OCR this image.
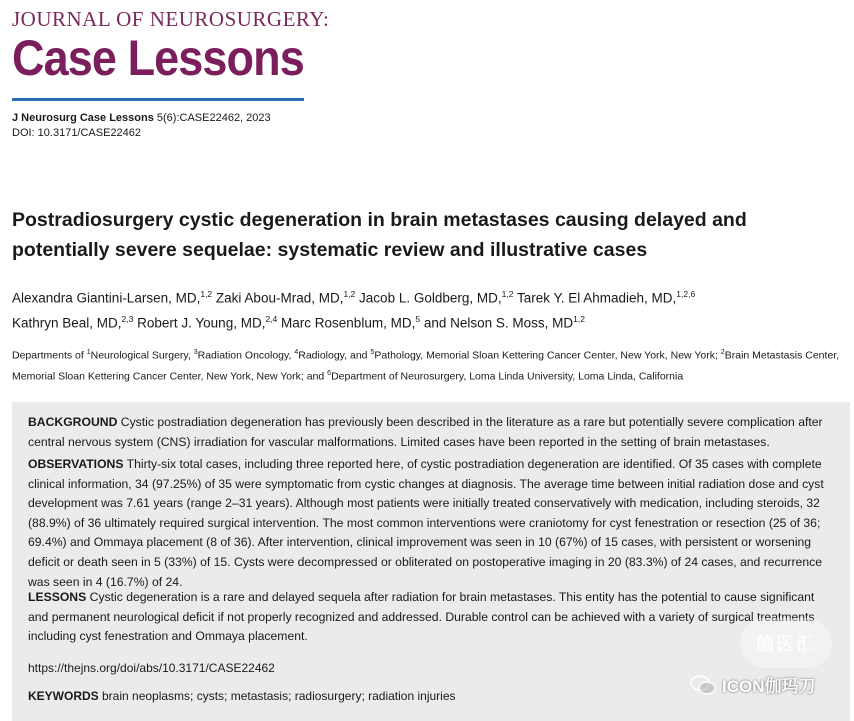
JOURNAL OF NEUROSURGERY:
Case Lessons
J Neurosurg Case Lessons 5(6):CASE22462, 2023
DOI: 10.3171/CASE22462
Postradiosurgery cystic degeneration in brain metastases causing delayed and potentially severe sequelae: systematic review and illustrative cases
Alexandra Giantini-Larsen, MD,$^{1,2}$ Zaki Abou-Mrad, MD,$^{1,2}$ Jacob L. Goldberg, MD,$^{1,2}$ Tarek Y. El Ahmadieh, MD,$^{1,2,6}$
Kathryn Beal, MD,$^{2,3}$ Robert J. Young, MD,$^{2,4}$ Marc Rosenblum, MD,$^5$ and Nelson S. Moss, MD$^{1,2}$
Departments of $^1$Neurological Surgery, $^3$Radiation Oncology, $^4$Radiology, and $^5$Pathology, Memorial Sloan Kettering Cancer Center, New York, New York; $^2$Brain Metastasis Center, Memorial Sloan Kettering Cancer Center, New York, New York; and $^6$Department of Neurosurgery, Loma Linda University, Loma Linda, California
BACKGROUND Cystic postradiation degeneration has previously been described in the literature as a rare but potentially severe complication after central nervous system (CNS) irradiation for vascular malformations. Limited cases have been reported in the setting of brain metastases.
OBSERVATIONS Thirty-six total cases, including three reported here, of cystic postradiation degeneration are identified. Of 35 cases with complete clinical information, 34 (97.25%) of 35 were symptomatic from cystic changes at diagnosis. The average time between initial radiation dose and cyst development was 7.61 years (range 2–31 years). Although most patients were initially treated conservatively with medication, including steroids, 32 (88.9%) of 36 ultimately required surgical intervention. The most common interventions were craniotomy for cyst fenestration or resection (25 of 36; 69.4%) and Ommaya placement (8 of 36). After intervention, clinical improvement was seen in 10 (67%) of 15 cases, with persistent or worsening deficit or death seen in 5 (33%) of 15. Cysts were decompressed or obliterated on postoperative imaging in 20 (83.3%) of 24 cases, and recurrence was seen in 4 (16.7%) of 24.
LESSONS Cystic degeneration is a rare and delayed sequela after radiation for brain metastases. This entity has the potential to cause significant and permanent neurological deficit if not properly recognized and addressed. Durable control can be achieved with a variety of surgical treatments including cyst fenestration and Ommaya placement.
https://thejns.org/doi/abs/10.3171/CASE22462
KEYWORDS brain neoplasms; cysts; metastasis; radiosurgery; radiation injuries
脑医汇
ICON伽玛刀
